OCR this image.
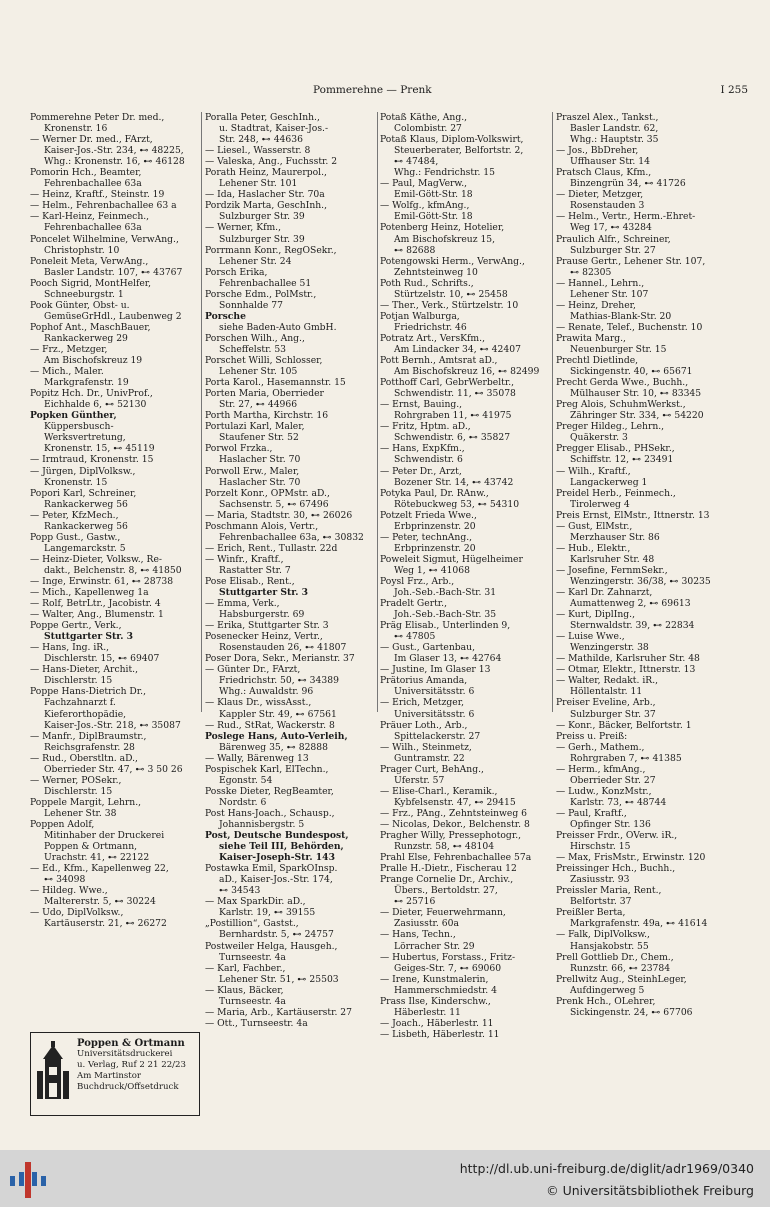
Pommerehne — Prenk	I 255
Pommerehne Peter Dr. med.,
Kronenstr. 16
— Werner Dr. med., FArzt,
Kaiser-Jos.-Str. 234, ⊷ 48225,
Whg.: Kronenstr. 16, ⊷ 46128
Pomorin Hch., Beamter,
Fehrenbachallee 63a
— Heinz, Kraftf., Steinstr. 19
— Helm., Fehrenbachallee 63 a
— Karl-Heinz, Feinmech.,
Fehrenbachallee 63a
Poncelet Wilhelmine, VerwAng.,
Christophstr. 10
Poneleit Meta, VerwAng.,
Basler Landstr. 107, ⊷ 43767
Pooch Sigrid, MontHelfer,
Schneeburgstr. 1
Pook Günter, Obst- u.
GemüseGrHdl., Laubenweg 2
Pophof Ant., MaschBauer,
Rankackerweg 29
— Frz., Metzger,
Am Bischofskreuz 19
— Mich., Maler.
Markgrafenstr. 19
Popitz Hch. Dr., UnivProf.,
Eichhalde 6, ⊷ 52130
Popken Günther,
Küppersbusch-
Werksvertretung,
Kronenstr. 15, ⊷ 45119
— Irmtraud, Kronenstr. 15
— Jürgen, DiplVolksw.,
Kronenstr. 15
Popori Karl, Schreiner,
Rankackerweg 56
— Peter, KfzMech.,
Rankackerweg 56
Popp Gust., Gastw.,
Langemarckstr. 5
— Heinz-Dieter, Volksw., Re-
dakt., Belchenstr. 8, ⊷ 41850
— Inge, Erwinstr. 61, ⊷ 28738
— Mich., Kapellenweg 1a
— Rolf, BetrLtr., Jacobistr. 4
— Walter, Ang., Blumenstr. 1
Poppe Gertr., Verk.,
Stuttgarter Str. 3
— Hans, Ing. iR.,
Dischlerstr. 15, ⊷ 69407
— Hans-Dieter, Archit.,
Dischlerstr. 15
Poppe Hans-Dietrich Dr.,
Fachzahnarzt f.
Kieferorthopädie,
Kaiser-Jos.-Str. 218, ⊷ 35087
— Manfr., DiplBraumstr.,
Reichsgrafenstr. 28
— Rud., Oberstltn. aD.,
Oberrieder Str. 47, ⊷ 3 50 26
— Werner, POSekr.,
Dischlerstr. 15
Poppele Margit, Lehrn.,
Lehener Str. 38
Poppen Adolf,
Mitinhaber der Druckerei
Poppen & Ortmann,
Urachstr. 41, ⊷ 22122
— Ed., Kfm., Kapellenweg 22,
⊷ 34098
— Hildeg. Wwe.,
Maltererstr. 5, ⊷ 30224
— Udo, DiplVolksw.,
Kartäuserstr. 21, ⊷ 26272
Poralla Peter, GeschInh.,
u. Stadtrat, Kaiser-Jos.-
Str. 248, ⊷ 44636
— Liesel., Wasserstr. 8
— Valeska, Ang., Fuchsstr. 2
Porath Heinz, Maurerpol.,
Lehener Str. 101
— Ida, Haslacher Str. 70a
Pordzik Marta, GeschInh.,
Sulzburger Str. 39
— Werner, Kfm.,
Sulzburger Str. 39
Porrmann Konr., RegOSekr.,
Lehener Str. 24
Porsch Erika,
Fehrenbachallee 51
Porsche Edm., PolMstr.,
Sonnhalde 77
Porsche
siehe Baden-Auto GmbH.
Porschen Wilh., Ang.,
Scheffelstr. 53
Porschet Willi, Schlosser,
Lehener Str. 105
Porta Karol., Hasemannstr. 15
Porten Maria, Oberrieder
Str. 27, ⊷ 44966
Porth Martha, Kirchstr. 16
Portulazi Karl, Maler,
Staufener Str. 52
Porwol Frzka.,
Haslacher Str. 70
Porwoll Erw., Maler,
Haslacher Str. 70
Porzelt Konr., OPMstr. aD.,
Sachsenstr. 5, ⊷ 67496
— Maria, Stadtstr. 30, ⊷ 26026
Poschmann Alois, Vertr.,
Fehrenbachallee 63a, ⊷ 30832
— Erich, Rent., Tullastr. 22d
— Winfr., Kraftf.,
Rastatter Str. 7
Pose Elisab., Rent.,
Stuttgarter Str. 3
— Emma, Verk.,
Habsburgerstr. 69
— Erika, Stuttgarter Str. 3
Posenecker Heinz, Vertr.,
Rosenstauden 26, ⊷ 41807
Poser Dora, Sekr., Merianstr. 37
— Günter Dr., FArzt,
Friedrichstr. 50, ⊷ 34389
Whg.: Auwaldstr. 96
— Klaus Dr., wissAsst.,
Kappler Str. 49, ⊷ 67561
— Rud., StRat, Wackerstr. 8
Poslege Hans, Auto-Verleih,
Bärenweg 35, ⊷ 82888
— Wally, Bärenweg 13
Pospischek Karl, ElTechn.,
Egonstr. 54
Posske Dieter, RegBeamter,
Nordstr. 6
Post Hans-Joach., Schausp.,
Johannisbergstr. 5
Post, Deutsche Bundespost,
siehe Teil III, Behörden,
Kaiser-Joseph-Str. 143
Postawka Emil, SparkOInsp.
aD., Kaiser-Jos.-Str. 174,
⊷ 34543
— Max SparkDir. aD.,
Karlstr. 19, ⊷ 39155
„Postillion“, Gastst.,
Bernhardstr. 5, ⊷ 24757
Postweiler Helga, Hausgeh.,
Turnseestr. 4a
— Karl, Fachber.,
Lehener Str. 51, ⊷ 25503
— Klaus, Bäcker,
Turnseestr. 4a
— Maria, Arb., Kartäuserstr. 27
— Ott., Turnseestr. 4a
Potaß Käthe, Ang.,
Colombistr. 27
Potaß Klaus, Diplom-Volkswirt,
Steuerberater, Belfortstr. 2,
⊷ 47484,
Whg.: Fendrichstr. 15
— Paul, MagVerw.,
Emil-Gött-Str. 18
— Wolfg., kfmAng.,
Emil-Gött-Str. 18
Potenberg Heinz, Hotelier,
Am Bischofskreuz 15,
⊷ 82688
Potengowski Herm., VerwAng.,
Zehntsteinweg 10
Poth Rud., Schrifts.,
Stürtzelstr. 10, ⊷ 25458
— Ther., Verk., Stürtzelstr. 10
Potjan Walburga,
Friedrichstr. 46
Potratz Art., VersKfm.,
Am Lindacker 34, ⊷ 42407
Pott Bernh., Amtsrat aD.,
Am Bischofskreuz 16, ⊷ 82499
Potthoff Carl, GebrWerbeltr.,
Schwendistr. 11, ⊷ 35078
— Ernst, Bauing.,
Rohrgraben 11, ⊷ 41975
— Fritz, Hptm. aD.,
Schwendistr. 6, ⊷ 35827
— Hans, ExpKfm.,
Schwendistr. 6
— Peter Dr., Arzt,
Bozener Str. 14, ⊷ 43742
Potyka Paul, Dr. RAnw.,
Rötebuckweg 53, ⊷ 54310
Potzelt Frieda Wwe.,
Erbprinzenstr. 20
— Peter, technAng.,
Erbprinzenstr. 20
Poweleit Sigmut, Hügelheimer
Weg 1, ⊷ 41068
Poysl Frz., Arb.,
Joh.-Seb.-Bach-Str. 31
Pradelt Gertr.,
Joh.-Seb.-Bach-Str. 35
Präg Elisab., Unterlinden 9,
⊷ 47805
— Gust., Gartenbau,
Im Glaser 13, ⊷ 42764
— Justine, Im Glaser 13
Prätorius Amanda,
Universitätsstr. 6
— Erich, Metzger,
Universitätsstr. 6
Präuer Loth., Arb.,
Spittelackerstr. 27
— Wilh., Steinmetz,
Guntramstr. 22
Prager Curt, BehAng.,
Uferstr. 57
— Elise-Charl., Keramik.,
Kybfelsenstr. 47, ⊷ 29415
— Frz., PAng., Zehntsteinweg 6
— Nicolas, Dekor., Belchenstr. 8
Pragher Willy, Pressephotogr.,
Runzstr. 58, ⊷ 48104
Prahl Else, Fehrenbachallee 57a
Pralle H.-Dietr., Fischerau 12
Prange Cornelie Dr., Archiv.,
Übers., Bertoldstr. 27,
⊷ 25716
— Dieter, Feuerwehrmann,
Zasiusstr. 60a
— Hans, Techn.,
Lörracher Str. 29
— Hubertus, Forstass., Fritz-
Geiges-Str. 7, ⊷ 69060
— Irene, Kunstmalerin,
Hammerschmiedstr. 4
Prass Ilse, Kinderschw.,
Häberlestr. 11
— Joach., Häberlestr. 11
— Lisbeth, Häberlestr. 11
Praszel Alex., Tankst.,
Basler Landstr. 62,
Whg.: Hauptstr. 35
— Jos., BbDreher,
Uffhauser Str. 14
Pratsch Claus, Kfm.,
Binzengrün 34, ⊷ 41726
— Dieter, Metzger,
Rosenstauden 3
— Helm., Vertr., Herm.-Ehret-
Weg 17, ⊷ 43284
Praulich Alfr., Schreiner,
Sulzburger Str. 27
Prause Gertr., Lehener Str. 107,
⊷ 82305
— Hannel., Lehrn.,
Lehener Str. 107
— Heinz, Dreher,
Mathias-Blank-Str. 20
— Renate, Telef., Buchenstr. 10
Prawita Marg.,
Neuenburger Str. 15
Prechtl Dietlinde,
Sickingenstr. 40, ⊷ 65671
Precht Gerda Wwe., Buchh.,
Mülhauser Str. 10, ⊷ 83345
Preg Alois, SchuhmWerkst.,
Zähringer Str. 334, ⊷ 54220
Preger Hildeg., Lehrn.,
Quäkerstr. 3
Pregger Elisab., PHSekr.,
Schiffstr. 12, ⊷ 23491
— Wilh., Kraftf.,
Langackerweg 1
Preidel Herb., Feinmech.,
Tirolerweg 4
Preis Ernst, ElMstr., Ittnerstr. 13
— Gust, ElMstr.,
Merzhauser Str. 86
— Hub., Elektr.,
Karlsruher Str. 48
— Josefine, FernmSekr.,
Wenzingerstr. 36/38, ⊷ 30235
— Karl Dr. Zahnarzt,
Aumattenweg 2, ⊷ 69613
— Kurt, DiplIng.,
Sternwaldstr. 39, ⊷ 22834
— Luise Wwe.,
Wenzingerstr. 38
— Mathilde, Karlsruher Str. 48
— Otmar, Elektr., Ittnerstr. 13
— Walter, Redakt. iR.,
Höllentalstr. 11
Preiser Eveline, Arb.,
Sulzburger Str. 37
— Konr., Bäcker, Belfortstr. 1
Preiss u. Preiß:
— Gerh., Mathem.,
Rohrgraben 7, ⊷ 41385
— Herm., kfmAng.,
Oberrieder Str. 27
— Ludw., KonzMstr.,
Karlstr. 73, ⊷ 48744
— Paul, Kraftf.,
Opfinger Str. 136
Preisser Frdr., OVerw. iR.,
Hirschstr. 15
— Max, FrisMstr., Erwinstr. 120
Preissinger Hch., Buchh.,
Zasiusstr. 93
Preissler Maria, Rent.,
Belfortstr. 37
Preißler Berta,
Markgrafenstr. 49a, ⊷ 41614
— Falk, DiplVolksw.,
Hansjakobstr. 55
Prell Gottlieb Dr., Chem.,
Runzstr. 66, ⊷ 23784
Prellwitz Aug., SteinhLeger,
Aufdingerweg 5
Prenk Hch., OLehrer,
Sickingenstr. 24, ⊷ 67706
Poppen & Ortmann
Universitätsdruckerei
u. Verlag, Ruf 2 21 22/23
Am Martinstor
Buchdruck/Offsetdruck
http://dl.ub.uni-freiburg.de/diglit/adr1969/0340
© Universitätsbibliothek Freiburg
